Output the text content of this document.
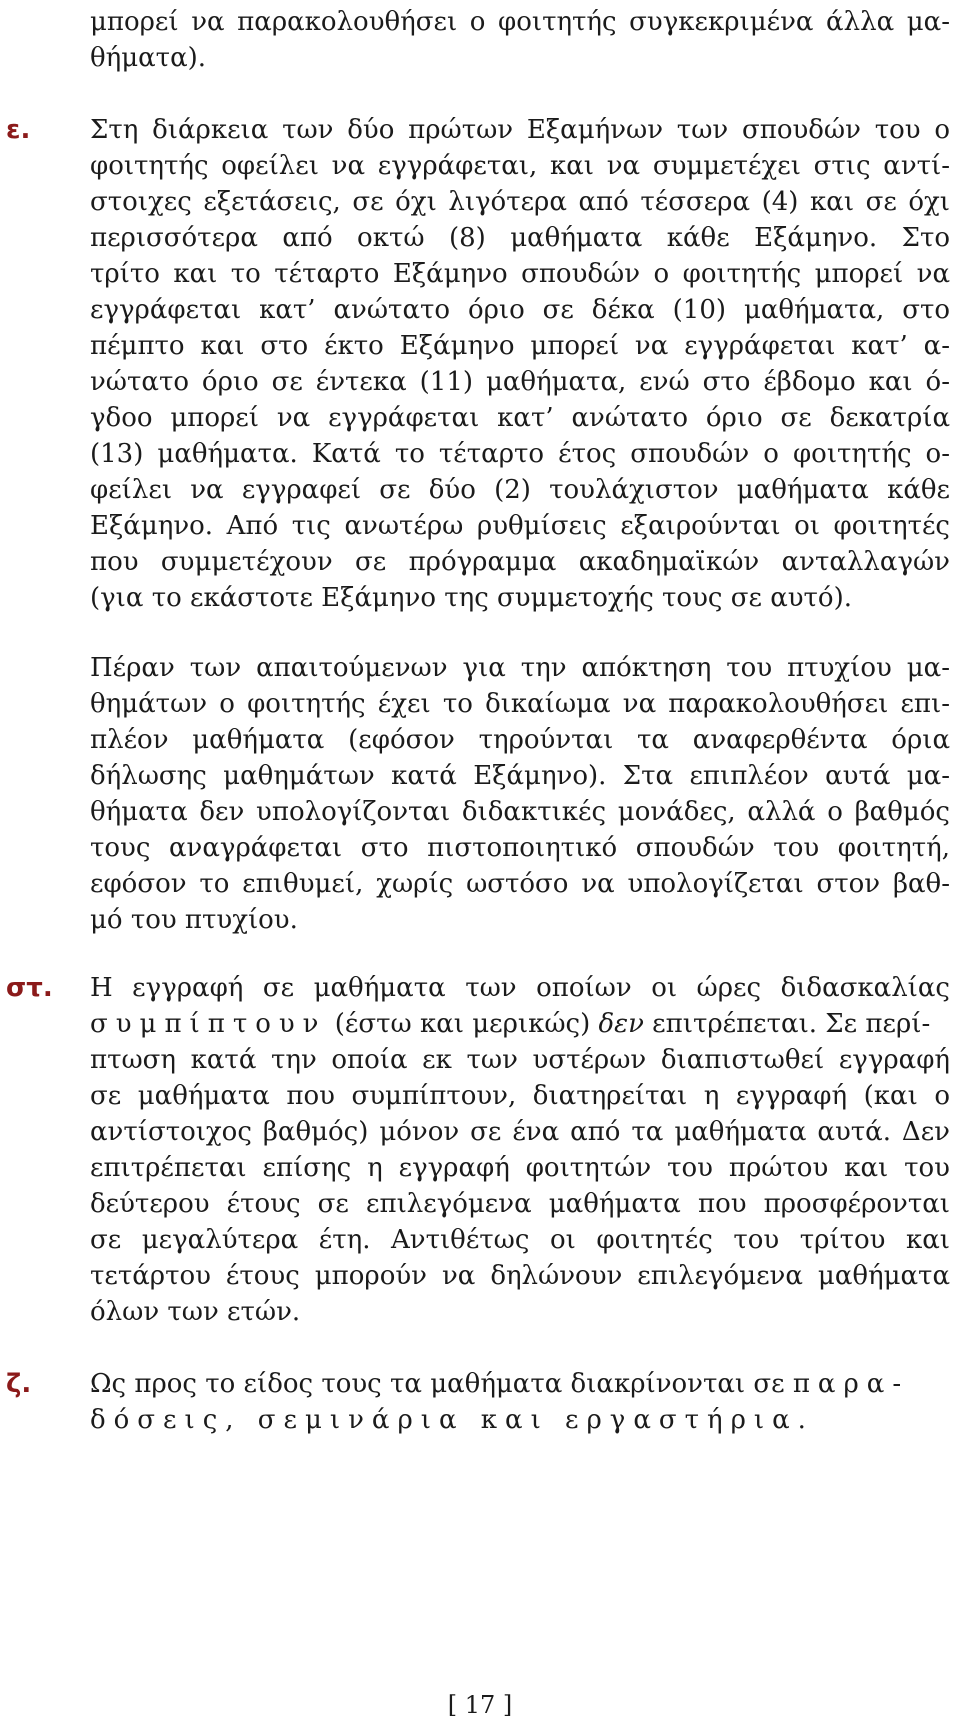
μπορεί να παρακολουθήσει ο φοιτητής συγκεκριμένα άλλα μα-
θήματα).
ε.	Στη διάρκεια των δύο πρώτων Εξαμήνων των σπουδών του ο
φοιτητής οφείλει να εγγράφεται, και να συμμετέχει στις αντί-
στοιχες εξετάσεις, σε όχι λιγότερα από τέσσερα (4) και σε όχι
περισσότερα από οκτώ (8) μαθήματα κάθε Εξάμηνο. Στο
τρίτο και το τέταρτο Εξάμηνο σπουδών ο φοιτητής μπορεί να
εγγράφεται κατ’ ανώτατο όριο σε δέκα (10) μαθήματα, στο
πέμπτο και στο έκτο Εξάμηνο μπορεί να εγγράφεται κατ’ α-
νώτατο όριο σε έντεκα (11) μαθήματα, ενώ στο έβδομο και ό-
γδοο μπορεί να εγγράφεται κατ’ ανώτατο όριο σε δεκατρία
(13) μαθήματα. Κατά το τέταρτο έτος σπουδών ο φοιτητής ο-
φείλει να εγγραφεί σε δύο (2) τουλάχιστον μαθήματα κάθε
Εξάμηνο. Από τις ανωτέρω ρυθμίσεις εξαιρούνται οι φοιτητές
που συμμετέχουν σε πρόγραμμα ακαδημαϊκών ανταλλαγών
(για το εκάστοτε Εξάμηνο της συμμετοχής τους σε αυτό).
Πέραν των απαιτούμενων για την απόκτηση του πτυχίου μα-
θημάτων ο φοιτητής έχει το δικαίωμα να παρακολουθήσει επι-
πλέον μαθήματα (εφόσον τηρούνται τα αναφερθέντα όρια
δήλωσης μαθημάτων κατά Εξάμηνο). Στα επιπλέον αυτά μα-
θήματα δεν υπολογίζονται διδακτικές μονάδες, αλλά ο βαθμός
τους αναγράφεται στο πιστοποιητικό σπουδών του φοιτητή,
εφόσον το επιθυμεί, χωρίς ωστόσο να υπολογίζεται στον βαθ-
μό του πτυχίου.
στ.	Η εγγραφή σε μαθήματα των οποίων οι ώρες διδασκαλίας
συμπίπτουν (έστω και μερικώς) δεν επιτρέπεται. Σε περί-
πτωση κατά την οποία εκ των υστέρων διαπιστωθεί εγγραφή
σε μαθήματα που συμπίπτουν, διατηρείται η εγγραφή (και ο
αντίστοιχος βαθμός) μόνον σε ένα από τα μαθήματα αυτά. Δεν
επιτρέπεται επίσης η εγγραφή φοιτητών του πρώτου και του
δεύτερου έτους σε επιλεγόμενα μαθήματα που προσφέρονται
σε μεγαλύτερα έτη. Αντιθέτως οι φοιτητές του τρίτου και
τετάρτου έτους μπορούν να δηλώνουν επιλεγόμενα μαθήματα
όλων των ετών.
ζ.	Ως προς το είδος τους τα μαθήματα διακρίνονται σε παρα-
δόσεις, σεμινάρια και εργαστήρια.
[ 17 ]
